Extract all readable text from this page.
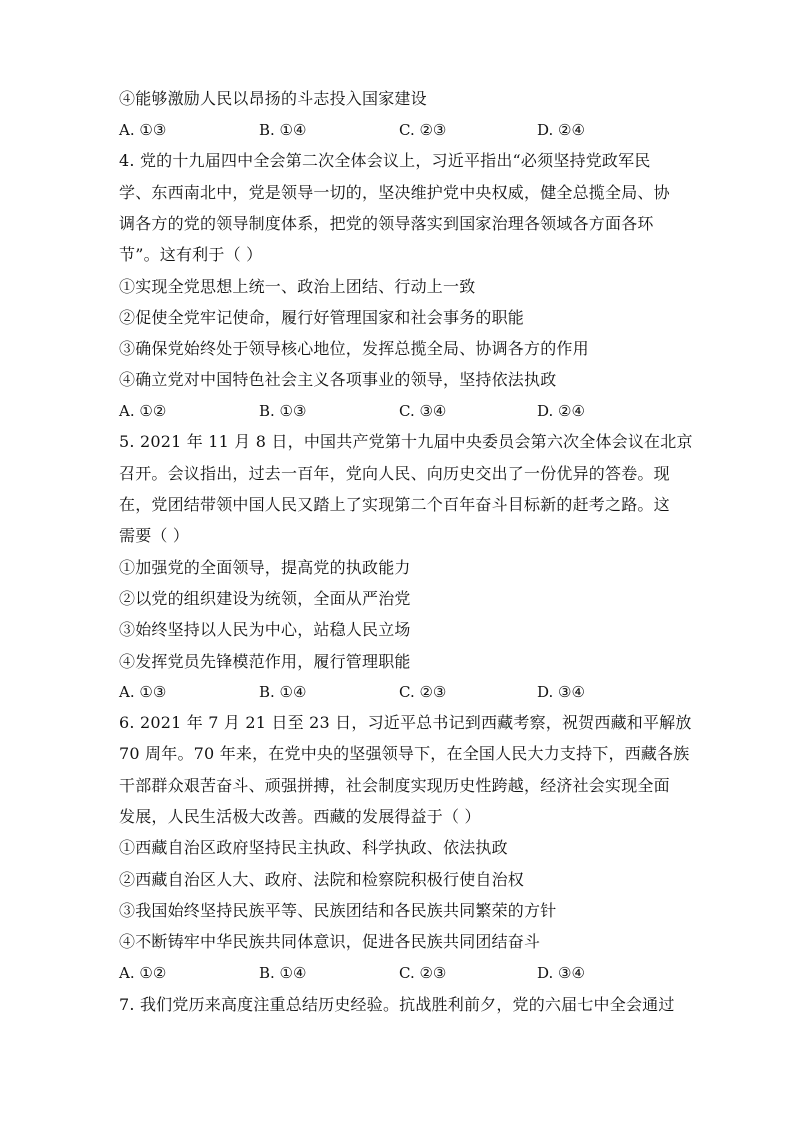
④能够激励人民以昂扬的斗志投入国家建设
A. ①③	B. ①④	C. ②③	D. ②④
4. 党的十九届四中全会第二次全体会议上，习近平指出“必须坚持党政军民
学、东西南北中，党是领导一切的，坚决维护党中央权威，健全总揽全局、协
调各方的党的领导制度体系，把党的领导落实到国家治理各领域各方面各环
节”。这有利于（ ）
①实现全党思想上统一、政治上团结、行动上一致
②促使全党牢记使命，履行好管理国家和社会事务的职能
③确保党始终处于领导核心地位，发挥总揽全局、协调各方的作用
④确立党对中国特色社会主义各项事业的领导，坚持依法执政
A. ①②	B. ①③	C. ③④	D. ②④
5. 2021 年 11 月 8 日，中国共产党第十九届中央委员会第六次全体会议在北京
召开。会议指出，过去一百年，党向人民、向历史交出了一份优异的答卷。现
在，党团结带领中国人民又踏上了实现第二个百年奋斗目标新的赶考之路。这
需要（ ）
①加强党的全面领导，提高党的执政能力
②以党的组织建设为统领，全面从严治党
③始终坚持以人民为中心，站稳人民立场
④发挥党员先锋模范作用，履行管理职能
A. ①③	B. ①④	C. ②③	D. ③④
6. 2021 年 7 月 21 日至 23 日，习近平总书记到西藏考察，祝贺西藏和平解放
70 周年。70 年来，在党中央的坚强领导下，在全国人民大力支持下，西藏各族
干部群众艰苦奋斗、顽强拼搏，社会制度实现历史性跨越，经济社会实现全面
发展，人民生活极大改善。西藏的发展得益于（ ）
①西藏自治区政府坚持民主执政、科学执政、依法执政
②西藏自治区人大、政府、法院和检察院积极行使自治权
③我国始终坚持民族平等、民族团结和各民族共同繁荣的方针
④不断铸牢中华民族共同体意识，促进各民族共同团结奋斗
A. ①②	B. ①④	C. ②③	D. ③④
7. 我们党历来高度注重总结历史经验。抗战胜利前夕，党的六届七中全会通过
